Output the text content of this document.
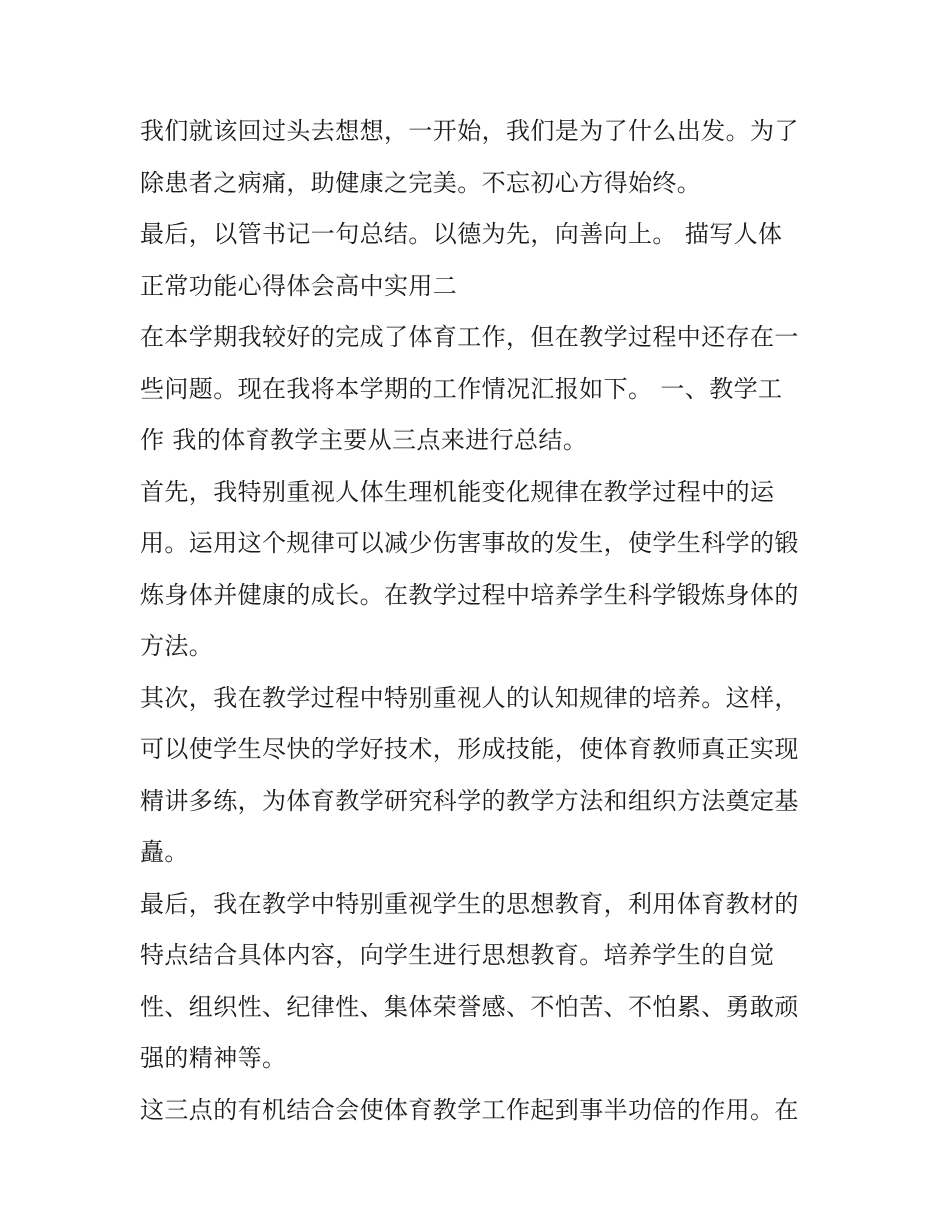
我们就该回过头去想想，一开始，我们是为了什么出发。为了
除患者之病痛，助健康之完美。不忘初心方得始终。
最后，以管书记一句总结。以德为先，向善向上。 描写人体
正常功能心得体会高中实用二
在本学期我较好的完成了体育工作，但在教学过程中还存在一
些问题。现在我将本学期的工作情况汇报如下。 一、教学工
作 我的体育教学主要从三点来进行总结。
首先，我特别重视人体生理机能变化规律在教学过程中的运
用。运用这个规律可以减少伤害事故的发生，使学生科学的锻
炼身体并健康的成长。在教学过程中培养学生科学锻炼身体的
方法。
其次，我在教学过程中特别重视人的认知规律的培养。这样，
可以使学生尽快的学好技术，形成技能，使体育教师真正实现
精讲多练，为体育教学研究科学的教学方法和组织方法奠定基
矗。
最后，我在教学中特别重视学生的思想教育，利用体育教材的
特点结合具体内容，向学生进行思想教育。培养学生的自觉
性、组织性、纪律性、集体荣誉感、不怕苦、不怕累、勇敢顽
强的精神等。
这三点的有机结合会使体育教学工作起到事半功倍的作用。在
